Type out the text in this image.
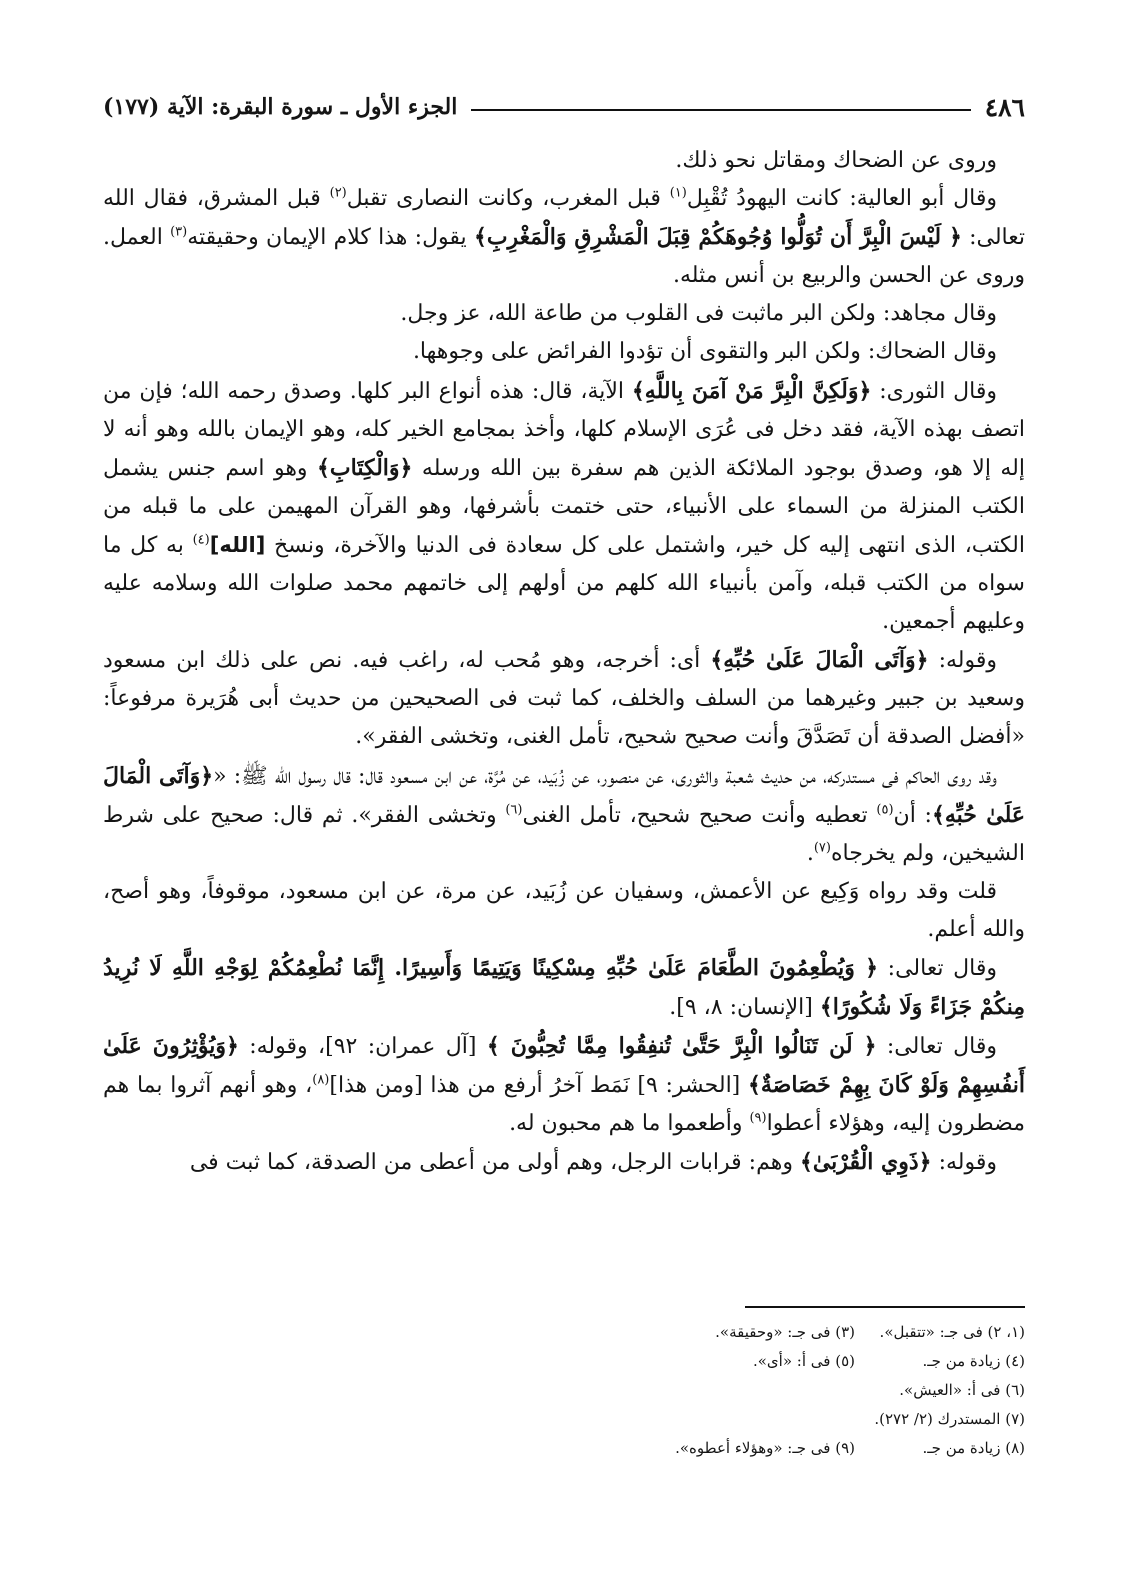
٤٨٦
الجزء الأول ـ سورة البقرة: الآية (١٧٧)

وروى عن الضحاك ومقاتل نحو ذلك.

وقال أبو العالية: كانت اليهودُ تُقْبِل$^{(١)}$ قبل المغرب، وكانت النصارى تقبل$^{(٢)}$ قبل المشرق، فقال الله تعالى: ﴿ لَيْسَ الْبِرَّ أَن تُوَلُّوا وُجُوهَكُمْ قِبَلَ الْمَشْرِقِ وَالْمَغْرِبِ﴾ يقول: هذا كلام الإيمان وحقيقته$^{(٣)}$ العمل. وروى عن الحسن والربيع بن أنس مثله.

وقال مجاهد: ولكن البر ماثبت فى القلوب من طاعة الله، عز وجل.

وقال الضحاك: ولكن البر والتقوى أن تؤدوا الفرائض على وجوهها.

وقال الثورى: ﴿وَلَكِنَّ الْبِرَّ مَنْ آمَنَ بِاللَّهِ﴾ الآية، قال: هذه أنواع البر كلها. وصدق رحمه الله؛ فإن من اتصف بهذه الآية، فقد دخل فى عُرَى الإسلام كلها، وأخذ بمجامع الخير كله، وهو الإيمان بالله وهو أنه لا إله إلا هو، وصدق بوجود الملائكة الذين هم سفرة بين الله ورسله ﴿وَالْكِتَابِ﴾ وهو اسم جنس يشمل الكتب المنزلة من السماء على الأنبياء، حتى ختمت بأشرفها، وهو القرآن المهيمن على ما قبله من الكتب، الذى انتهى إليه كل خير، واشتمل على كل سعادة فى الدنيا والآخرة، ونسخ [الله]$^{(٤)}$ به كل ما سواه من الكتب قبله، وآمن بأنبياء الله كلهم من أولهم إلى خاتمهم محمد صلوات الله وسلامه عليه وعليهم أجمعين.

وقوله: ﴿وَآتَى الْمَالَ عَلَىٰ حُبِّهِ﴾ أى: أخرجه، وهو مُحب له، راغب فيه. نص على ذلك ابن مسعود وسعيد بن جبير وغيرهما من السلف والخلف، كما ثبت فى الصحيحين من حديث أبى هُرَيرة مرفوعاً: «أفضل الصدقة أن تَصَدَّقَ وأنت صحيح شحيح، تأمل الغنى، وتخشى الفقر».

وقد روى الحاكم فى مستدركه، من حديث شعبة والثورى، عن منصور، عن زُبَيد، عن مُرَّة، عن ابن مسعود قال: قال رسول الله ﷺ: «﴿وَآتَى الْمَالَ عَلَىٰ حُبِّهِ﴾: أن$^{(٥)}$ تعطيه وأنت صحيح شحيح، تأمل الغنى$^{(٦)}$ وتخشى الفقر». ثم قال: صحيح على شرط الشيخين، ولم يخرجاه$^{(٧)}$.

قلت وقد رواه وَكِيع عن الأعمش، وسفيان عن زُبَيد، عن مرة، عن ابن مسعود، موقوفاً، وهو أصح، والله أعلم.

وقال تعالى: ﴿ وَيُطْعِمُونَ الطَّعَامَ عَلَىٰ حُبِّهِ مِسْكِينًا وَيَتِيمًا وَأَسِيرًا. إِنَّمَا نُطْعِمُكُمْ لِوَجْهِ اللَّهِ لَا نُرِيدُ مِنكُمْ جَزَاءً وَلَا شُكُورًا﴾ [الإنسان: ٨، ٩].

وقال تعالى: ﴿ لَن تَنَالُوا الْبِرَّ حَتَّىٰ تُنفِقُوا مِمَّا تُحِبُّونَ ﴾ [آل عمران: ٩٢]، وقوله: ﴿وَيُؤْثِرُونَ عَلَىٰ أَنفُسِهِمْ وَلَوْ كَانَ بِهِمْ خَصَاصَةٌ﴾ [الحشر: ٩] نَمَط آخرُ أرفع من هذا [ومن هذا]$^{(٨)}$، وهو أنهم آثروا بما هم مضطرون إليه، وهؤلاء أعطوا$^{(٩)}$ وأطعموا ما هم محبون له.

وقوله: ﴿ذَوِي الْقُرْبَىٰ﴾ وهم: قرابات الرجل، وهم أولى من أعطى من الصدقة، كما ثبت فى

(١، ٢) فى جـ: «تتقبل».
(٣) فى جـ: «وحقيقة».
(٤) زيادة من جـ.
(٥) فى أ: «أى».
(٦) فى أ: «العيش».
(٧) المستدرك (٢/ ٢٧٢).
(٨) زيادة من جـ.
(٩) فى جـ: «وهؤلاء أعطوه».
